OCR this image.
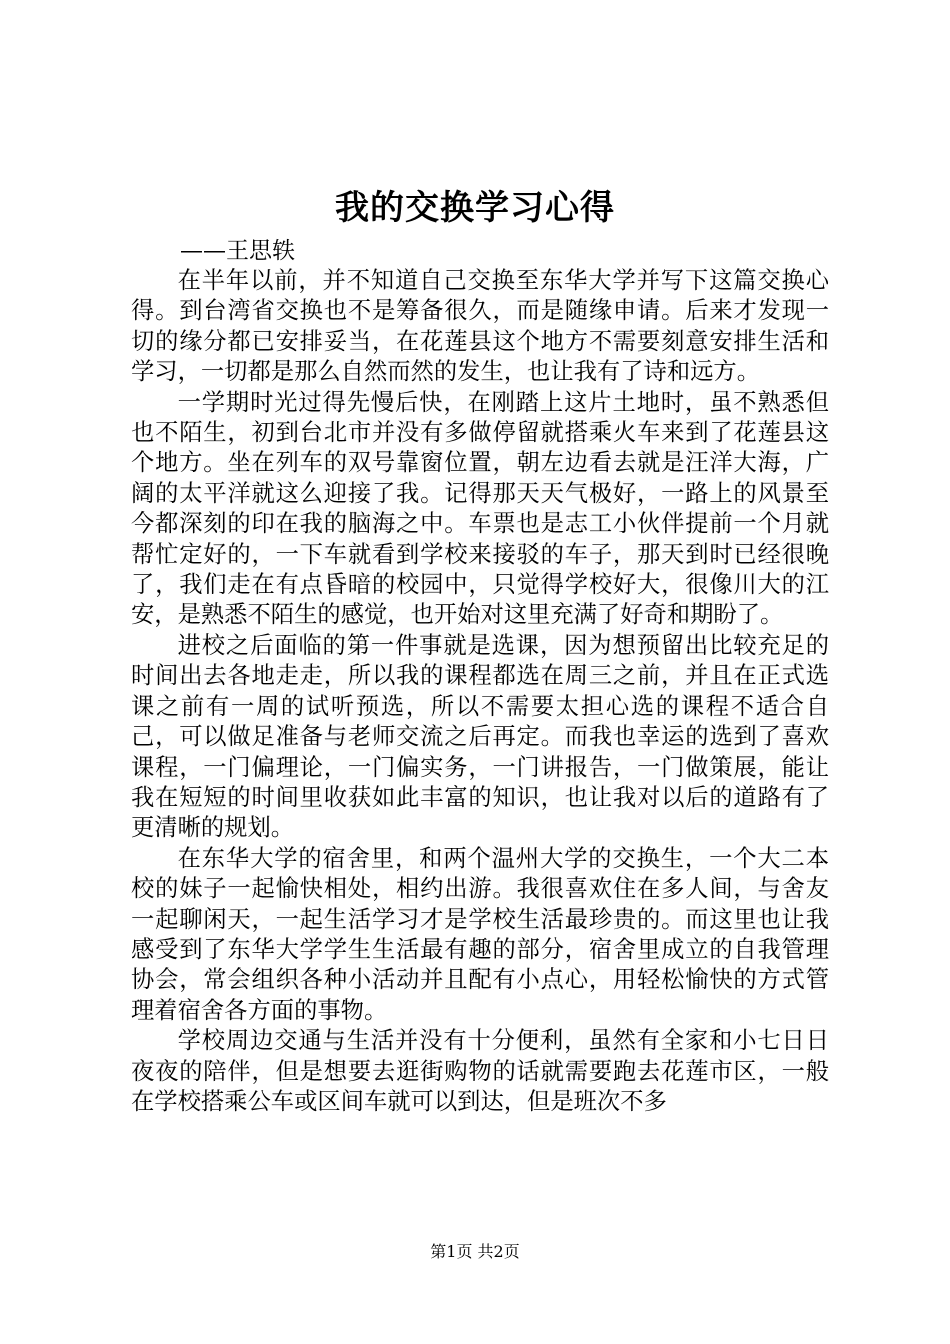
我的交换学习心得
——王思轶

在半年以前，并不知道自己交换至东华大学并写下这篇交换心得。到台湾省交换也不是筹备很久，而是随缘申请。后来才发现一切的缘分都已安排妥当，在花莲县这个地方不需要刻意安排生活和学习，一切都是那么自然而然的发生，也让我有了诗和远方。

一学期时光过得先慢后快，在刚踏上这片土地时，虽不熟悉但也不陌生，初到台北市并没有多做停留就搭乘火车来到了花莲县这个地方。坐在列车的双号靠窗位置，朝左边看去就是汪洋大海，广阔的太平洋就这么迎接了我。记得那天天气极好，一路上的风景至今都深刻的印在我的脑海之中。车票也是志工小伙伴提前一个月就帮忙定好的，一下车就看到学校来接驳的车子，那天到时已经很晚了，我们走在有点昏暗的校园中，只觉得学校好大，很像川大的江安，是熟悉不陌生的感觉，也开始对这里充满了好奇和期盼了。

进校之后面临的第一件事就是选课，因为想预留出比较充足的时间出去各地走走，所以我的课程都选在周三之前，并且在正式选课之前有一周的试听预选，所以不需要太担心选的课程不适合自己，可以做足准备与老师交流之后再定。而我也幸运的选到了喜欢课程，一门偏理论，一门偏实务，一门讲报告，一门做策展，能让我在短短的时间里收获如此丰富的知识，也让我对以后的道路有了更清晰的规划。

在东华大学的宿舍里，和两个温州大学的交换生，一个大二本校的妹子一起愉快相处，相约出游。我很喜欢住在多人间，与舍友一起聊闲天，一起生活学习才是学校生活最珍贵的。而这里也让我感受到了东华大学学生生活最有趣的部分，宿舍里成立的自我管理协会，常会组织各种小活动并且配有小点心，用轻松愉快的方式管理着宿舍各方面的事物。

学校周边交通与生活并没有十分便利，虽然有全家和小七日日夜夜的陪伴，但是想要去逛街购物的话就需要跑去花莲市区，一般在学校搭乘公车或区间车就可以到达，但是班次不多

第1页 共2页
